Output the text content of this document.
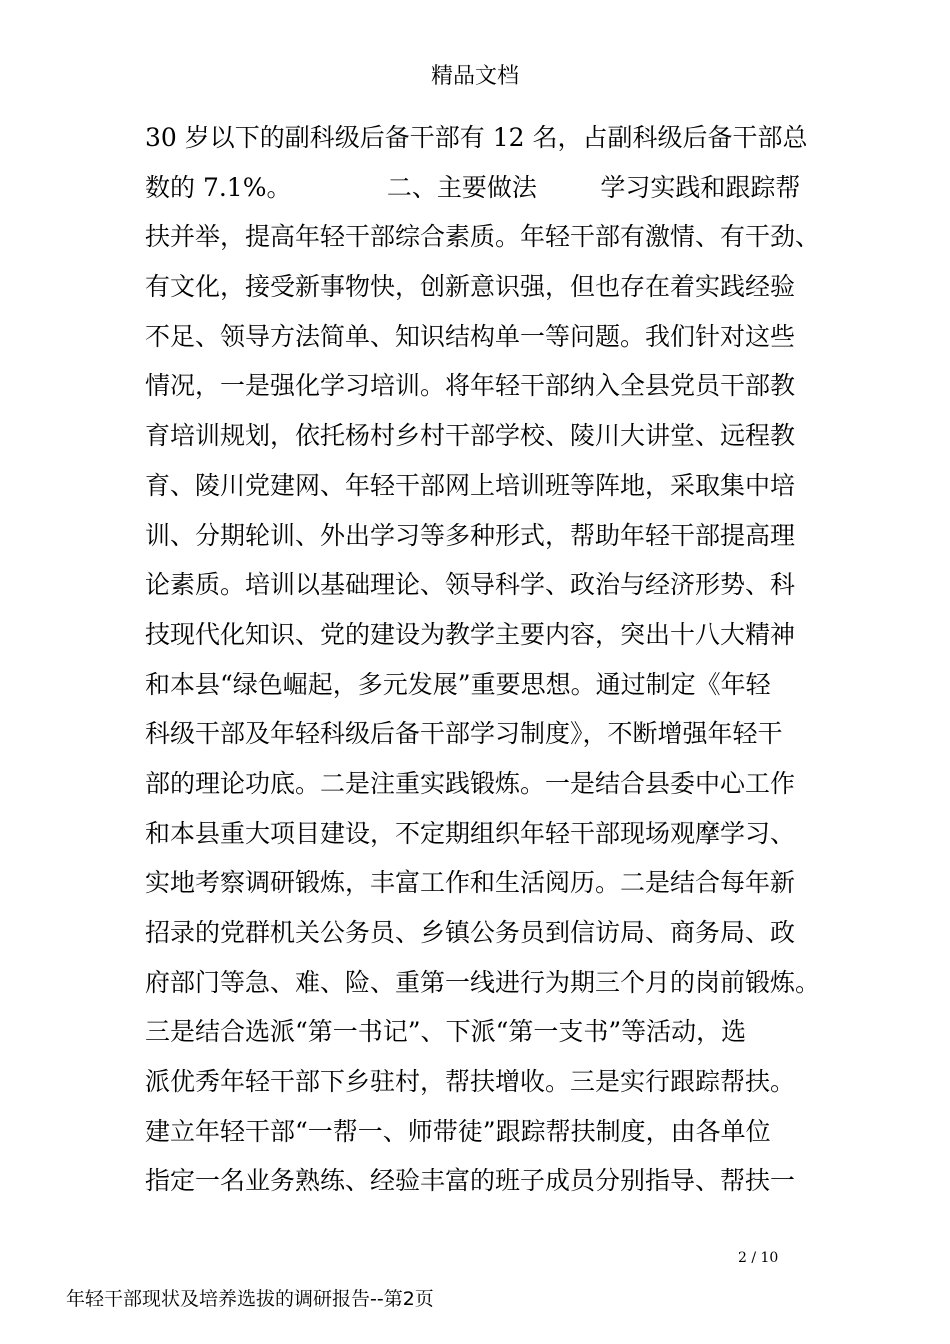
精品文档
30 岁以下的副科级后备干部有 12 名，占副科级后备干部总
数的 7.1%。            二、主要做法        学习实践和跟踪帮
扶并举，提高年轻干部综合素质。年轻干部有激情、有干劲、
有文化，接受新事物快，创新意识强，但也存在着实践经验
不足、领导方法简单、知识结构单一等问题。我们针对这些
情况，一是强化学习培训。将年轻干部纳入全县党员干部教
育培训规划，依托杨村乡村干部学校、陵川大讲堂、远程教
育、陵川党建网、年轻干部网上培训班等阵地，采取集中培
训、分期轮训、外出学习等多种形式，帮助年轻干部提高理
论素质。培训以基础理论、领导科学、政治与经济形势、科
技现代化知识、党的建设为教学主要内容，突出十八大精神
和本县“绿色崛起，多元发展”重要思想。通过制定《年轻
科级干部及年轻科级后备干部学习制度》，不断增强年轻干
部的理论功底。二是注重实践锻炼。一是结合县委中心工作
和本县重大项目建设，不定期组织年轻干部现场观摩学习、
实地考察调研锻炼，丰富工作和生活阅历。二是结合每年新
招录的党群机关公务员、乡镇公务员到信访局、商务局、政
府部门等急、难、险、重第一线进行为期三个月的岗前锻炼。
三是结合选派“第一书记”、下派“第一支书”等活动，选
派优秀年轻干部下乡驻村，帮扶增收。三是实行跟踪帮扶。
建立年轻干部“一帮一、师带徒”跟踪帮扶制度，由各单位
指定一名业务熟练、经验丰富的班子成员分别指导、帮扶一
2 / 10
年轻干部现状及培养选拔的调研报告--第2页
